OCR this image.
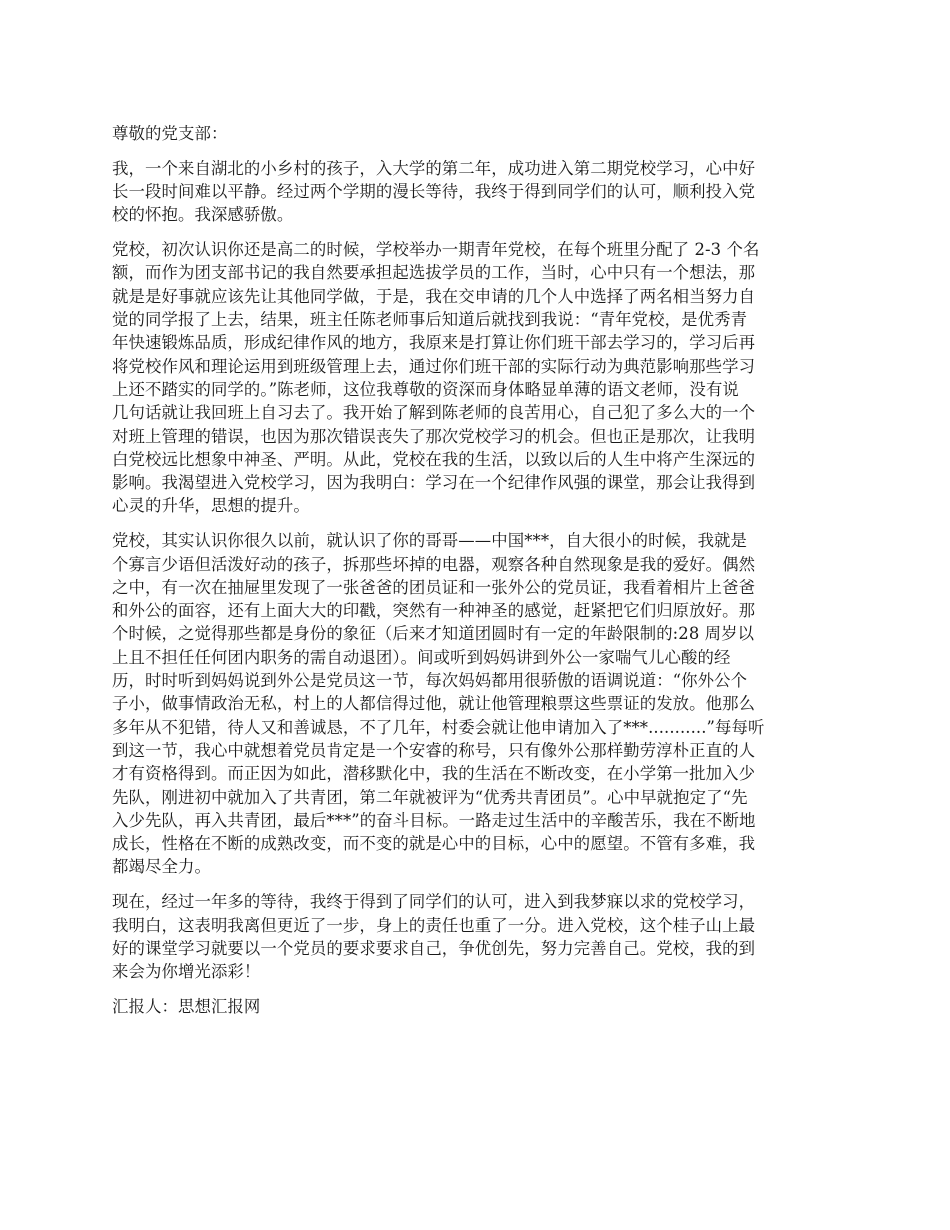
尊敬的党支部：

我，一个来自湖北的小乡村的孩子，入大学的第二年，成功进入第二期党校学习，心中好
长一段时间难以平静。经过两个学期的漫长等待，我终于得到同学们的认可，顺利投入党
校的怀抱。我深感骄傲。

党校，初次认识你还是高二的时候，学校举办一期青年党校，在每个班里分配了 2-3 个名
额，而作为团支部书记的我自然要承担起选拔学员的工作，当时，心中只有一个想法，那
就是是好事就应该先让其他同学做，于是，我在交申请的几个人中选择了两名相当努力自
觉的同学报了上去，结果，班主任陈老师事后知道后就找到我说：“青年党校，是优秀青
年快速锻炼品质，形成纪律作风的地方，我原来是打算让你们班干部去学习的，学习后再
将党校作风和理论运用到班级管理上去，通过你们班干部的实际行动为典范影响那些学习
上还不踏实的同学的。”陈老师，这位我尊敬的资深而身体略显单薄的语文老师，没有说
几句话就让我回班上自习去了。我开始了解到陈老师的良苦用心，自己犯了多么大的一个
对班上管理的错误，也因为那次错误丧失了那次党校学习的机会。但也正是那次，让我明
白党校远比想象中神圣、严明。从此，党校在我的生活，以致以后的人生中将产生深远的
影响。我渴望进入党校学习，因为我明白：学习在一个纪律作风强的课堂，那会让我得到
心灵的升华，思想的提升。

党校，其实认识你很久以前，就认识了你的哥哥——中国***，自大很小的时候，我就是
个寡言少语但活泼好动的孩子，拆那些坏掉的电器，观察各种自然现象是我的爱好。偶然
之中，有一次在抽屉里发现了一张爸爸的团员证和一张外公的党员证，我看着相片上爸爸
和外公的面容，还有上面大大的印戳，突然有一种神圣的感觉，赶紧把它们归原放好。那
个时候，之觉得那些都是身份的象征（后来才知道团圆时有一定的年龄限制的:28 周岁以
上且不担任任何团内职务的需自动退团）。间或听到妈妈讲到外公一家喘气儿心酸的经
历，时时听到妈妈说到外公是党员这一节，每次妈妈都用很骄傲的语调说道：“你外公个
子小，做事情政治无私，村上的人都信得过他，就让他管理粮票这些票证的发放。他那么
多年从不犯错，待人又和善诚恳，不了几年，村委会就让他申请加入了***...........”每每听
到这一节，我心中就想着党员肯定是一个安睿的称号，只有像外公那样勤劳淳朴正直的人
才有资格得到。而正因为如此，潜移默化中，我的生活在不断改变，在小学第一批加入少
先队，刚进初中就加入了共青团，第二年就被评为“优秀共青团员”。心中早就抱定了“先
入少先队，再入共青团，最后***”的奋斗目标。一路走过生活中的辛酸苦乐，我在不断地
成长，性格在不断的成熟改变，而不变的就是心中的目标，心中的愿望。不管有多难，我
都竭尽全力。

现在，经过一年多的等待，我终于得到了同学们的认可，进入到我梦寐以求的党校学习，
我明白，这表明我离但更近了一步，身上的责任也重了一分。进入党校，这个桂子山上最
好的课堂学习就要以一个党员的要求要求自己，争优创先，努力完善自己。党校，我的到
来会为你增光添彩！

汇报人：思想汇报网
